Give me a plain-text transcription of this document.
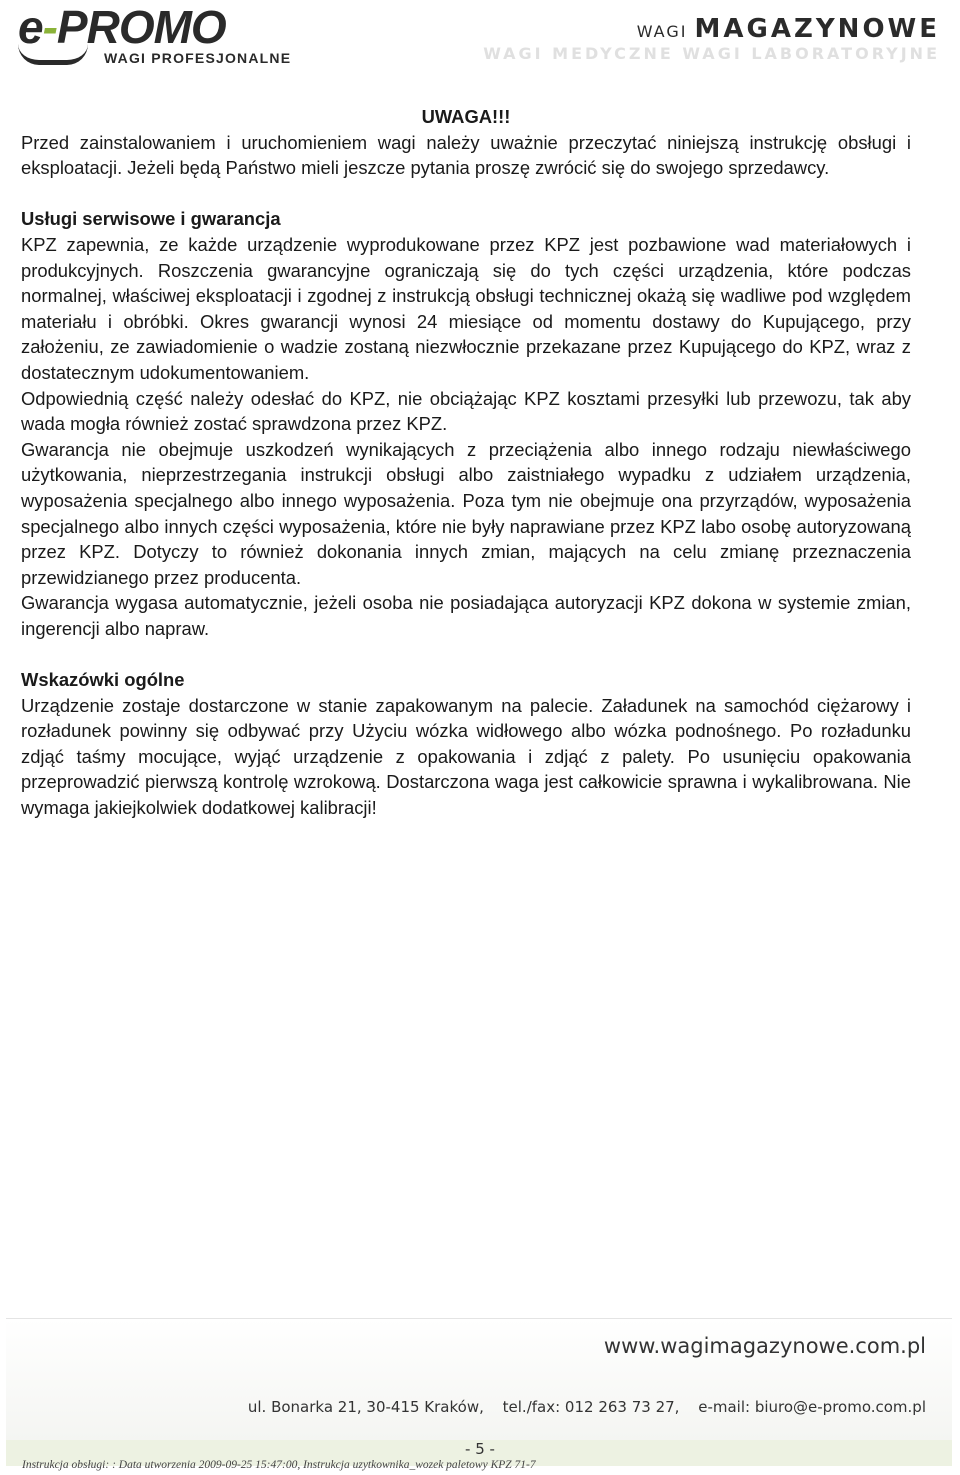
e-PROMO
WAGI PROFESJONALNE
WAGI MAGAZYNOWE
WAGI MEDYCZNE WAGI LABORATORYJNE

UWAGA!!!

Przed zainstalowaniem i uruchomieniem wagi należy uważnie przeczytać niniejszą instrukcję obsługi i eksploatacji. Jeżeli będą Państwo mieli jeszcze pytania proszę zwrócić się do swojego sprzedawcy.

Usługi serwisowe i gwarancja

KPZ zapewnia, ze każde urządzenie wyprodukowane przez KPZ jest pozbawione wad materiałowych i produkcyjnych. Roszczenia gwarancyjne ograniczają się do tych części urządzenia, które podczas normalnej, właściwej eksploatacji i zgodnej z instrukcją obsługi technicznej okażą się wadliwe pod względem materiału i obróbki. Okres gwarancji wynosi 24 miesiące od momentu dostawy do Kupującego, przy założeniu, ze zawiadomienie o wadzie zostaną niezwłocznie przekazane przez Kupującego do KPZ, wraz z dostatecznym udokumentowaniem.

Odpowiednią część należy odesłać do KPZ, nie obciążając KPZ kosztami przesyłki lub przewozu, tak aby wada mogła również zostać sprawdzona przez KPZ.

Gwarancja nie obejmuje uszkodzeń wynikających z przeciążenia albo innego rodzaju niewłaściwego użytkowania, nieprzestrzegania instrukcji obsługi albo zaistniałego wypadku z udziałem urządzenia, wyposażenia specjalnego albo innego wyposażenia. Poza tym nie obejmuje ona przyrządów, wyposażenia specjalnego albo innych części wyposażenia, które nie były naprawiane przez KPZ labo osobę autoryzowaną przez KPZ. Dotyczy to również dokonania innych zmian, mających na celu zmianę przeznaczenia przewidzianego przez producenta.

Gwarancja wygasa automatycznie, jeżeli osoba nie posiadająca autoryzacji KPZ dokona w systemie zmian, ingerencji albo napraw.

Wskazówki ogólne

Urządzenie zostaje dostarczone w stanie zapakowanym na palecie. Załadunek na samochód ciężarowy i rozładunek powinny się odbywać przy Użyciu wózka widłowego albo wózka podnośnego. Po rozładunku zdjąć taśmy mocujące, wyjąć urządzenie z opakowania i zdjąć z palety. Po usunięciu opakowania przeprowadzić pierwszą kontrolę wzrokową. Dostarczona waga jest całkowicie sprawna i wykalibrowana. Nie wymaga jakiejkolwiek dodatkowej kalibracji!

www.wagimagazynowe.com.pl
ul. Bonarka 21, 30-415 Kraków, tel./fax: 012 263 73 27, e-mail: biuro@e-promo.com.pl
- 5 -
Instrukcja obsługi: : Data utworzenia 2009-09-25 15:47:00, Instrukcja uzytkownika_wozek paletowy KPZ 71-7
